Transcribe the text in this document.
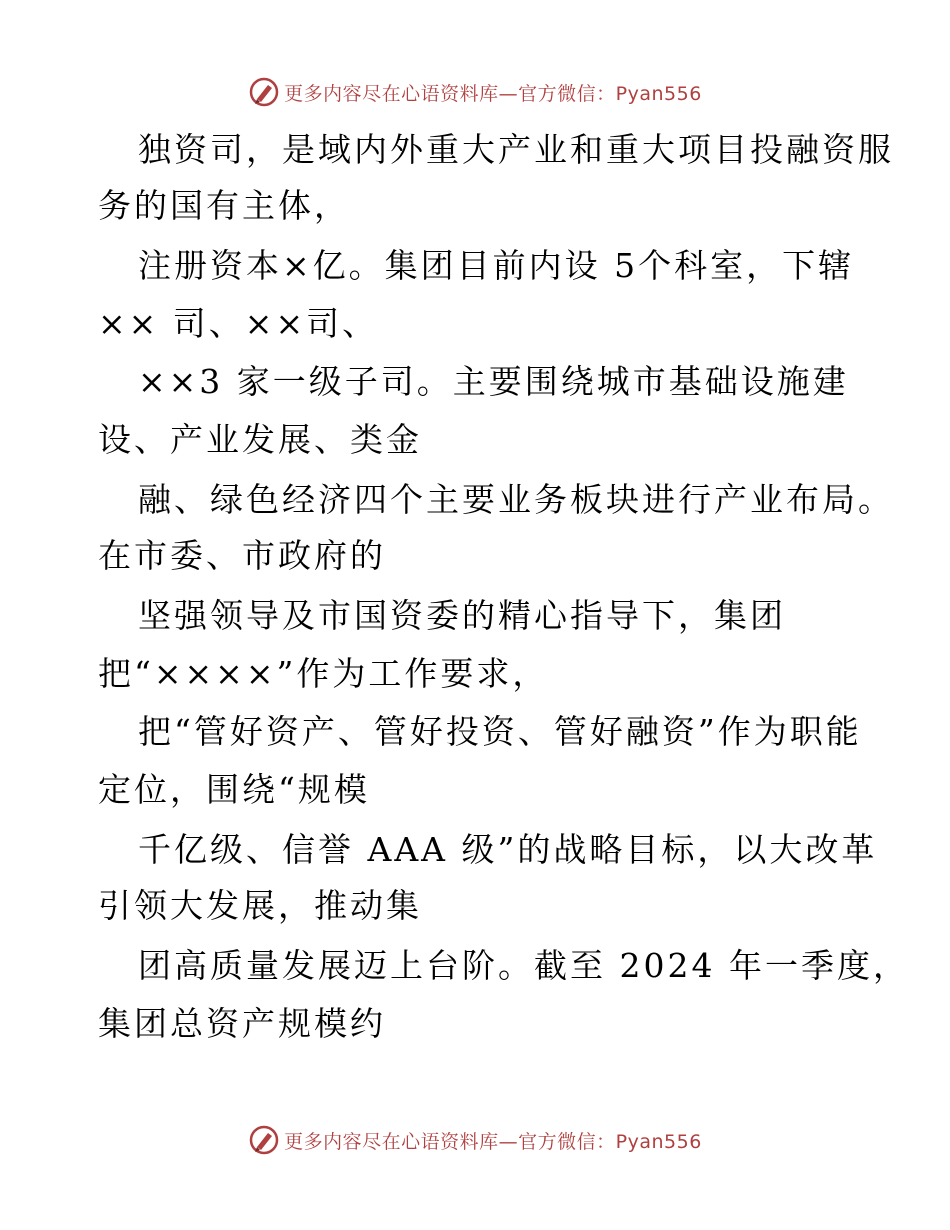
更多内容尽在心语资料库—官方微信：Pyan556
独资司，是域内外重大产业和重大项目投融资服
务的国有主体，
注册资本×亿。集团目前内设 5个科室，下辖
×× 司、××司、
××3 家一级子司。主要围绕城市基础设施建
设、产业发展、类金
融、绿色经济四个主要业务板块进行产业布局。
在市委、市政府的
坚强领导及市国资委的精心指导下，集团
把“××××”作为工作要求，
把“管好资产、管好投资、管好融资”作为职能
定位，围绕“规模
千亿级、信誉 AAA 级”的战略目标，以大改革
引领大发展，推动集
团高质量发展迈上台阶。截至 2024 年一季度，
集团总资产规模约
更多内容尽在心语资料库—官方微信：Pyan556
